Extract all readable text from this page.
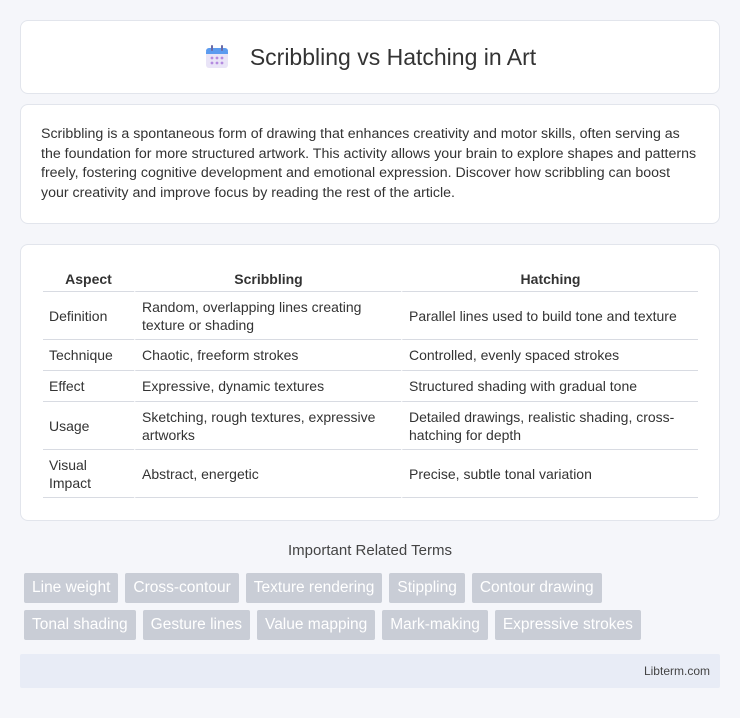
Scribbling vs Hatching in Art

Scribbling is a spontaneous form of drawing that enhances creativity and motor skills, often serving as the foundation for more structured artwork. This activity allows your brain to explore shapes and patterns freely, fostering cognitive development and emotional expression. Discover how scribbling can boost your creativity and improve focus by reading the rest of the article.

Aspect	Scribbling	Hatching
Definition	Random, overlapping lines creating texture or shading	Parallel lines used to build tone and texture
Technique	Chaotic, freeform strokes	Controlled, evenly spaced strokes
Effect	Expressive, dynamic textures	Structured shading with gradual tone
Usage	Sketching, rough textures, expressive artworks	Detailed drawings, realistic shading, cross-hatching for depth
Visual Impact	Abstract, energetic	Precise, subtle tonal variation
Important Related Terms
Line weight	Cross-contour	Texture rendering	Stippling	Contour drawing
Tonal shading	Gesture lines	Value mapping	Mark-making	Expressive strokes
Libterm.com
